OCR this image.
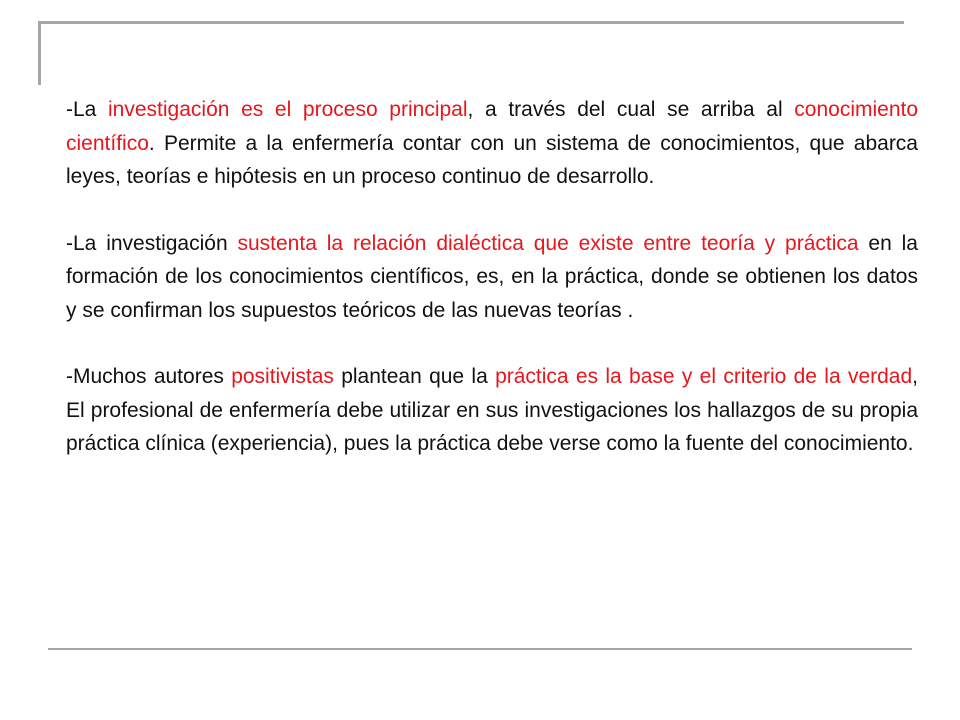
-La investigación es el proceso principal, a través del cual se arriba al conocimiento científico. Permite a la enfermería contar con un sistema de conocimientos, que abarca leyes, teorías e hipótesis en un proceso continuo de desarrollo.

-La investigación sustenta la relación dialéctica que existe entre teoría y práctica en la formación de los conocimientos científicos, es, en la práctica, donde se obtienen los datos y se confirman los supuestos teóricos de las nuevas teorías .

-Muchos autores positivistas plantean que la práctica es la base y el criterio de la verdad, El profesional de enfermería debe utilizar en sus investigaciones los hallazgos de su propia práctica clínica (experiencia), pues la práctica debe verse como la fuente del conocimiento.
